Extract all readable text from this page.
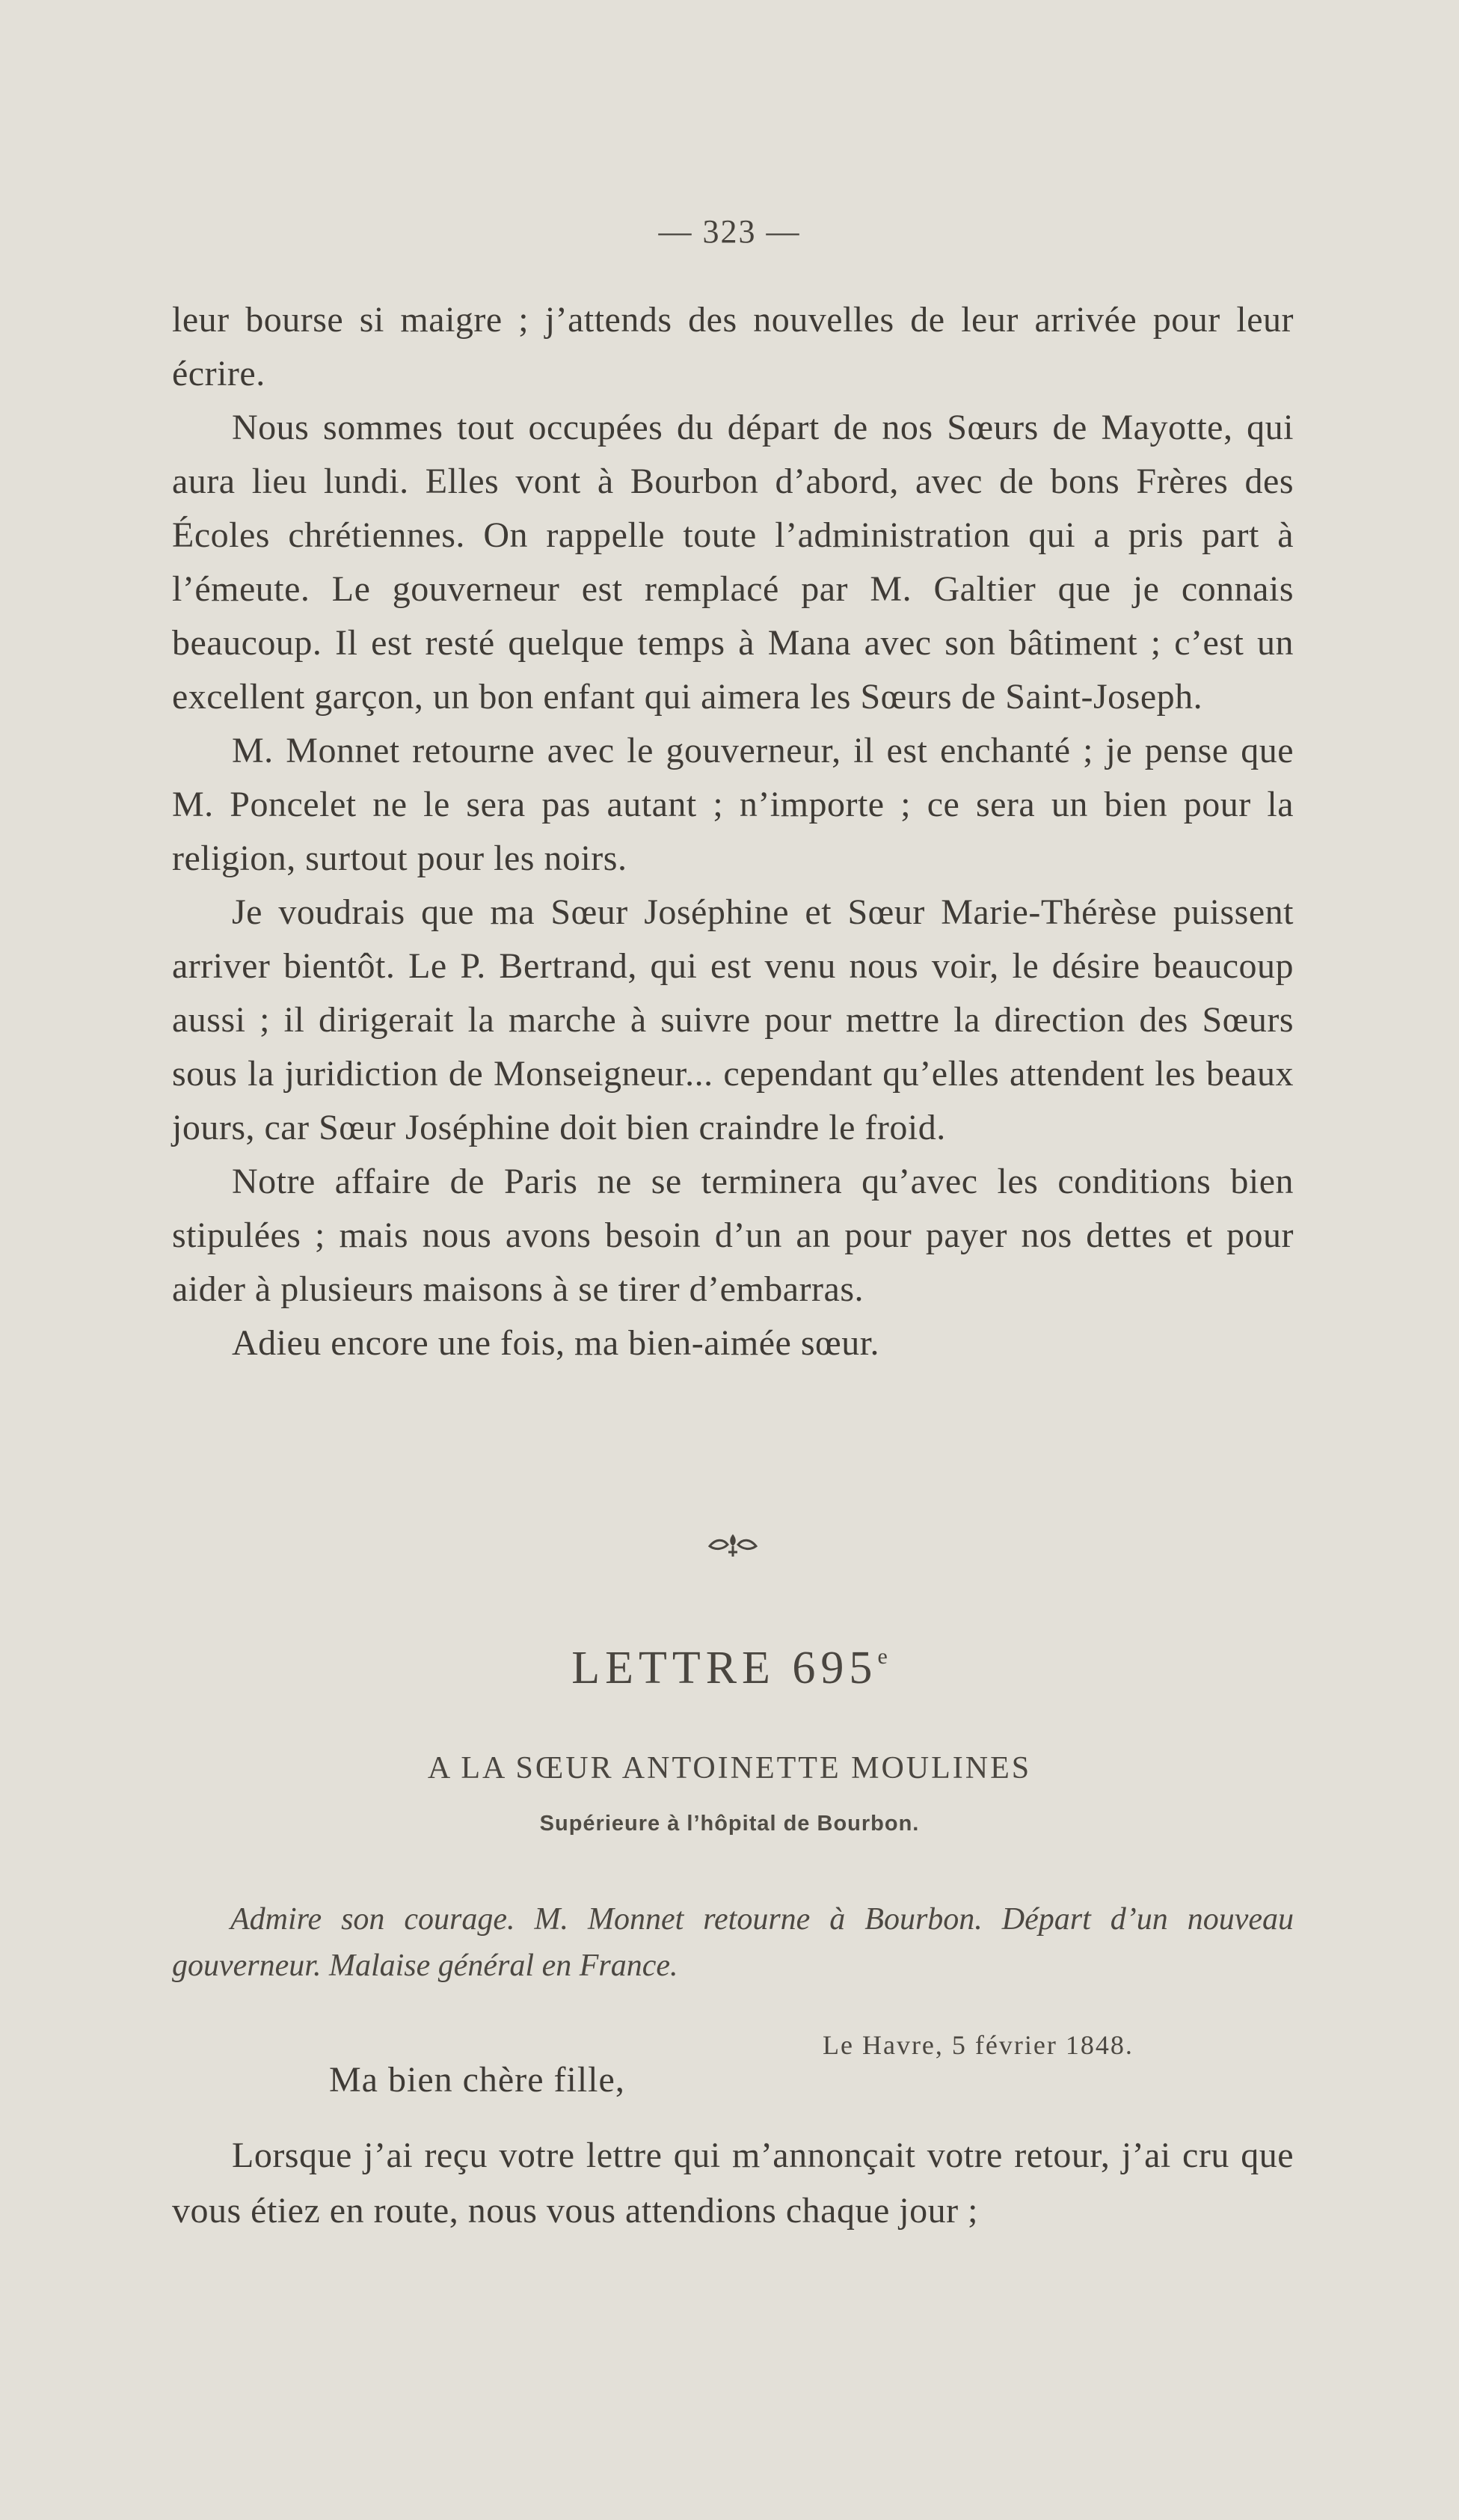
— 323 —

leur bourse si maigre ; j’attends des nouvelles de leur arrivée pour leur écrire.

Nous sommes tout occupées du départ de nos Sœurs de Mayotte, qui aura lieu lundi. Elles vont à Bourbon d’abord, avec de bons Frères des Écoles chrétiennes. On rappelle toute l’administration qui a pris part à l’émeute. Le gouverneur est remplacé par M. Galtier que je connais beaucoup. Il est resté quelque temps à Mana avec son bâtiment ; c’est un excellent garçon, un bon enfant qui aimera les Sœurs de Saint-Joseph.

M. Monnet retourne avec le gouverneur, il est enchanté ; je pense que M. Poncelet ne le sera pas autant ; n’importe ; ce sera un bien pour la religion, surtout pour les noirs.

Je voudrais que ma Sœur Joséphine et Sœur Marie-Thérèse puissent arriver bientôt. Le P. Bertrand, qui est venu nous voir, le désire beaucoup aussi ; il dirigerait la marche à suivre pour mettre la direction des Sœurs sous la juridiction de Monseigneur... cependant qu’elles attendent les beaux jours, car Sœur Joséphine doit bien craindre le froid.

Notre affaire de Paris ne se terminera qu’avec les conditions bien stipulées ; mais nous avons besoin d’un an pour payer nos dettes et pour aider à plusieurs maisons à se tirer d’embarras.

Adieu encore une fois, ma bien-aimée sœur.

LETTRE 695e
A LA SŒUR ANTOINETTE MOULINES
Supérieure à l’hôpital de Bourbon.

Admire son courage. M. Monnet retourne à Bourbon. Départ d’un nouveau gouverneur. Malaise général en France.

Le Havre, 5 février 1848.
Ma bien chère fille,

Lorsque j’ai reçu votre lettre qui m’annonçait votre retour, j’ai cru que vous étiez en route, nous vous attendions chaque jour ;
